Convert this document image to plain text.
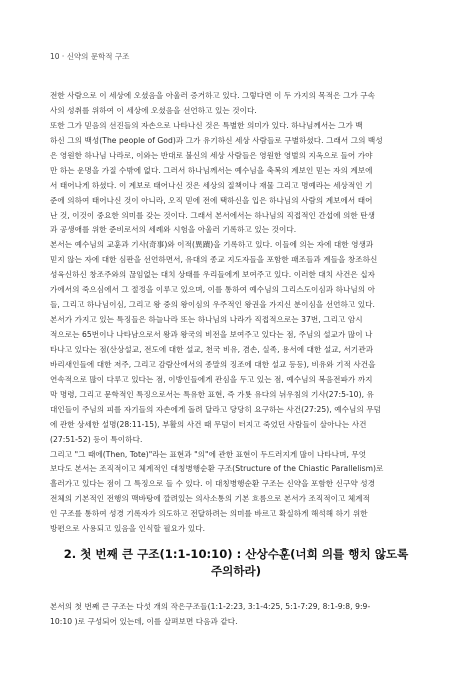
10 · 신약의 문학적 구조
전한 사람으로 이 세상에 오셨음을 아울러 증거하고 있다. 그렇다면 이 두 가지의 목적은 그가 구속
사의 성취를 위하여 이 세상에 오셨음을 선언하고 있는 것이다.
또한 그가 믿음의 선진들의 자손으로 나타나신 것은 특별한 의미가 있다. 하나님께서는 그가 백
하신 그의 백성(The people of God)과 그가 유기하신 세상 사람들로 구별하셨다. 그래서 그의 백성
은 영원한 하나님 나라로, 이와는 반대로 불신의 세상 사람들은 영원한 영벌의 지옥으로 들어 가야
만 하는 운명을 가질 수밖에 없다. 그러서 하나님께서는 예수님을 축복의 계보인 믿는 자의 계보에
서 태어나게 하셨다. 이 계보로 태어나신 것은 세상의 질책이나 재물 그리고 명예라는 세상적인 기
준에 의하여 태어나신 것이 아니라, 오직 믿에 전에 택하신을 입은 하나님의 사람의 계보에서 태어
난 것, 이것이 중요한 의미를 갖는 것이다. 그래서 본서에서는 하나님의 직접적인 간섭에 의한 탄생
과 공생애를 위한 준비로서의 세례와 시험을 아울러 기록하고 있는 것이다.
본서는 예수님의 교훈과 기사(奇事)와 이적(異蹟)을 기록하고 있다. 이들에 의는 자에 대한 영생과
믿지 않는 자에 대한 심판을 선언하면서, 유대의 종교 지도자들을 포함한 패조들과 계들을 창조하신
성육신하신 창조주와의 끊임없는 대치 상태를 우리들에게 보여주고 있다. 이러한 대치 사건은 십자
가에서의 죽으심에서 그 절정을 이루고 있으며, 이를 통하여 예수님의 그리스도이심과 하나님의 아
들, 그리고 하나님이심, 그리고 왕 중의 왕이심의 우주적인 왕권을 가지신 분이심을 선언하고 있다.
본서가 가지고 있는 특징들은 하늘나라 또는 하나님의 나라가 직접적으로는 37번, 그리고 암시
적으로는 65번이나 나타남으로서 왕과 왕국의 비전을 보여주고 있다는 점, 주님의 설교가 많이 나
타나고 있다는 점(산상설교, 전도에 대한 설교, 천국 비유, 겸손, 실족, 용서에 대한 설교, 서기관과
바리새인들에 대한 저주, 그리고 감람산에서의 종말의 징조에 대한 설교 등등), 비유와 기적 사건을
연속적으로 많이 다루고 있다는 점, 이방인들에게 관심을 두고 있는 점, 예수님의 복음전파가 까지
막 명령, 그리고 문학적인 특징으로서는 특유한 표현, 즉 가룟 유다의 뉘우침의 기사(27:5-10), 유
대인들이 주님의 피를 자기들의 자손에게 돌려 달라고 당당히 요구하는 사건(27:25), 예수님의 무덤
에 관한 상세한 설명(28:11-15), 부활의 사건 때 무덤이 터지고 죽었던 사람들이 살아나는 사건
(27:51-52) 등이 특이하다.
그리고 "그 때에(Then, Tote)"라는 표현과 "의"에 관한 표현이 두드러지게 많이 나타나며, 무엇
보다도 본서는 조직적이고 체계적인 대칭병행순환 구조(Structure of the Chiastic Parallelism)로
흘러가고 있다는 점이 그 특징으로 들 수 있다. 이 대칭병행순환 구조는 신약을 포함한 신구약 성경
전체의 기본적인 전행의 맥바탕에 깔려있는 의사소통의 기본 흐름으로 본서가 조직적이고 체계적
인 구조를 통하여 성경 기록자가 의도하고 전달하려는 의미를 바르고 확실하게 해석해 하기 위한
방편으로 사용되고 있음을 인식할 필요가 있다.
2. 첫 번째 큰 구조(1:1-10:10) : 산상수훈(너희 의를 행치 않도록
주의하라)
본서의 첫 번째 큰 구조는 다섯 개의 작은구조들(1:1-2:23, 3:1-4:25, 5:1-7:29, 8:1-9:8, 9:9-
10:10 )로 구성되어 있는데, 이를 살펴보면 다음과 같다.
